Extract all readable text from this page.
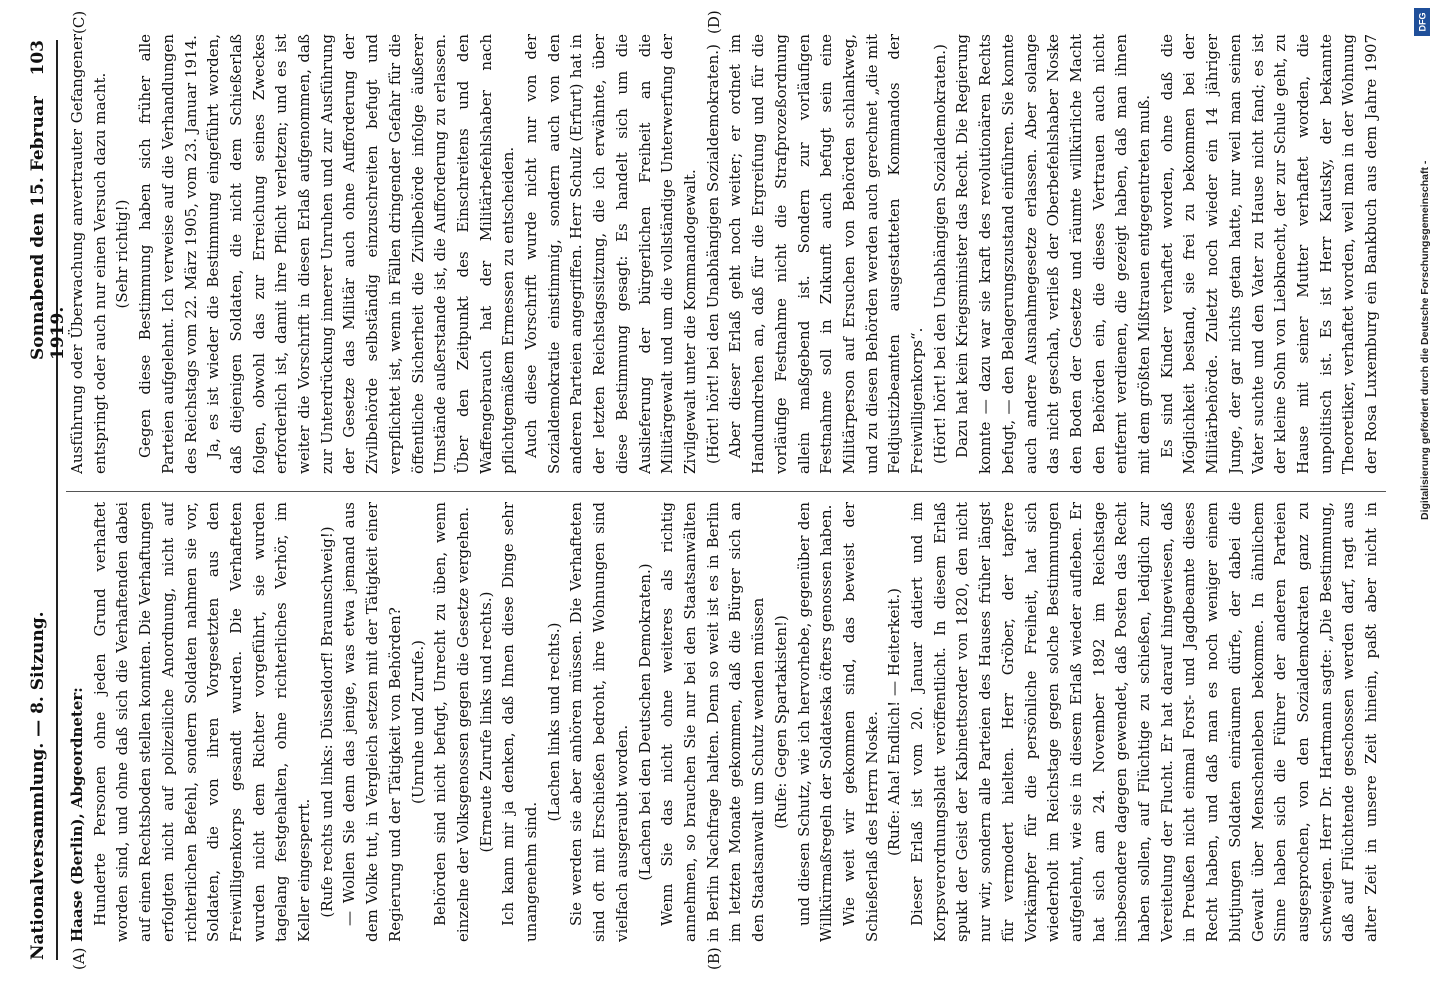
Nationalversammlung. — 8. Sitzung.
Sonnabend den 15. Februar 1919.
103

Haase (Berlin), Abgeordneter: Hunderte Personen ohne jeden Grund verhaftet worden sind, und ohne daß sich die Verhaftenden dabei auf einen Rechtsboden stellen konnten. Die Verhaftungen erfolgten nicht auf polizeiliche Anordnung, nicht auf richterlichen Befehl, sondern Soldaten nahmen sie vor, Soldaten, die von ihren Vorgesetzten aus den Freiwilligenkorps gesandt wurden. Die Verhafteten wurden nicht dem Richter vorgeführt, sie wurden tagelang festgehalten, ohne richterliches Verhör, im Keller eingesperrt. (Rufe rechts und links: Düsseldorf! Braunschweig!) — Wollen Sie denn das jenige, was etwa jemand aus dem Volke tut, in Vergleich setzen mit der Tätigkeit einer Regierung und der Tätigkeit von Behörden? (Unruhe und Zurufe.) Behörden sind nicht befugt, Unrecht zu üben, wenn einzelne der Volksgenossen gegen die Gesetze vergehen. (Erneute Zurufe links und rechts.) Ich kann mir ja denken, daß Ihnen diese Dinge sehr unangenehm sind.

(Lachen links und rechts.) Sie werden sie aber anhören müssen. Die Verhafteten sind oft mit Erschießen bedroht, ihre Wohnungen sind vielfach ausgeraubt worden. (Lachen bei den Deutschen Demokraten.) Wenn Sie das nicht ohne weiteres als richtig annehmen, so brauchen Sie nur bei den Staatsanwälten in Berlin Nachfrage halten. Denn so weit ist es in Berlin im letzten Monate gekommen, daß die Bürger sich an den Staatsanwalt um Schutz wenden müssen (Rufe: Gegen Spartakisten!) und diesen Schutz, wie ich hervorhebe, gegenüber den Willkürmaßregeln der Soldateska öfters genossen haben. Wie weit wir gekommen sind, das beweist der Schießerlaß des Herrn Noske. (Rufe: Aha! Endlich! — Heiterkeit.)

Dieser Erlaß ist vom 20. Januar datiert und im Korpsverordnungsblatt veröffentlicht. In diesem Erlaß spukt der Geist der Kabinettsorder von 1820, den nicht nur wir, sondern alle Parteien des Hauses früher längst für vermodert hielten. Herr Gröber, der tapfere Vorkämpfer für die persönliche Freiheit, hat sich wiederholt im Reichstage gegen solche Bestimmungen aufgelehnt, wie sie in diesem Erlaß wieder aufleben. Er hat sich am 24. November 1892 im Reichstage insbesondere dagegen gewendet, daß Posten das Recht haben sollen, auf Flüchtige zu schießen, lediglich zur Vereitelung der Flucht. Er hat darauf hingewiesen, daß in Preußen nicht einmal Forst- und Jagdbeamte dieses Recht haben, und daß man es noch weniger einem blutjungen Soldaten einräumen dürfe, der dabei die Gewalt über Menschenleben bekomme. In ähnlichem Sinne haben sich die Führer der anderen Parteien ausgesprochen, von den Sozialdemokraten ganz zu schweigen. Herr Dr. Hartmann sagte: „Die Bestimmung, daß auf Flüchtende geschossen werden darf, ragt aus alter Zeit in unsere Zeit hinein, paßt aber nicht in

Ausführung oder Überwachung anvertrauter Gefangener entspringt oder auch nur einen Versuch dazu macht. (Sehr richtig!) Gegen diese Bestimmung haben sich früher alle Parteien aufgelehnt. Ich verweise auf die Verhandlungen des Reichstags vom 22. März 1905, vom 23. Januar 1914. Ja, es ist wieder die Bestimmung eingeführt worden, daß diejenigen Soldaten, die nicht dem Schießerlaß folgen, obwohl das zur Erreichung seines Zweckes erforderlich ist, damit ihre Pflicht verletzen; und es ist weiter die Vorschrift in diesen Erlaß aufgenommen, daß zur Unterdrückung innerer Unruhen und zur Ausführung der Gesetze das Militär auch ohne Aufforderung der Zivilbehörde selbständig einzuschreiten befugt und verpflichtet ist, wenn in Fällen dringender Gefahr für die öffentliche Sicherheit die Zivilbehörde infolge äußerer Umstände außerstande ist, die Aufforderung zu erlassen. Über den Zeitpunkt des Einschreitens und den Waffengebrauch hat der Militärbefehlshaber nach pflichtgemäßem Ermessen zu entscheiden. Auch diese Vorschrift wurde nicht nur von der Sozialdemokratie einstimmig, sondern auch von den anderen Parteien angegriffen. Herr Schulz (Erfurt) hat in der letzten Reichstagssitzung, die ich erwähnte, über diese Bestimmung gesagt: Es handelt sich um die Auslieferung der bürgerlichen Freiheit an die Militärgewalt und um die vollständige Unterwerfung der Zivilgewalt unter die Kommandogewalt. (Hört! hört! bei den Unabhängigen Sozialdemokraten.) Aber dieser Erlaß geht noch weiter; er ordnet im Handumdrehen an, daß für die Ergreifung und für die vorläufige Festnahme nicht die Strafprozeßordnung allein maßgebend ist. Sondern zur vorläufigen Festnahme soll in Zukunft auch befugt sein eine Militärperson auf Ersuchen von Behörden schlankweg, und zu diesen Behörden werden auch gerechnet „die mit Feldjustizbeamten ausgestatteten Kommandos der Freiwilligenkorps“. (Hört! hört! bei den Unabhängigen Sozialdemokraten.) Dazu hat kein Kriegsminister das Recht. Die Regierung konnte — dazu war sie kraft des revolutionären Rechts befugt, — den Belagerungszustand einführen. Sie konnte auch andere Ausnahmegesetze erlassen. Aber solange das nicht geschah, verließ der Oberbefehlshaber Noske den Boden der Gesetze und räumte willkürliche Macht den Behörden ein, die dieses Vertrauen auch nicht entfernt verdienen, die gezeigt haben, daß man ihnen mit dem größten Mißtrauen entgegentreten muß. Es sind Kinder verhaftet worden, ohne daß die Möglichkeit bestand, sie frei zu bekommen bei der Militärbehörde. Zuletzt noch wieder ein 14 jähriger Junge, der gar nichts getan hatte, nur weil man seinen Vater suchte und den Vater zu Hause nicht fand; es ist der kleine Sohn von Liebknecht, der zur Schule geht, zu Hause mit seiner Mutter verhaftet worden, die unpolitisch ist. Es ist Herr Kautsky, der bekannte Theoretiker, verhaftet worden, weil man in der Wohnung der Rosa Luxemburg ein Bankbuch aus dem Jahre 1907

(A)	(B)
(C)	(D)	DFG
Digitalisierung gefördert durch die Deutsche Forschungsgemeinschaft -
